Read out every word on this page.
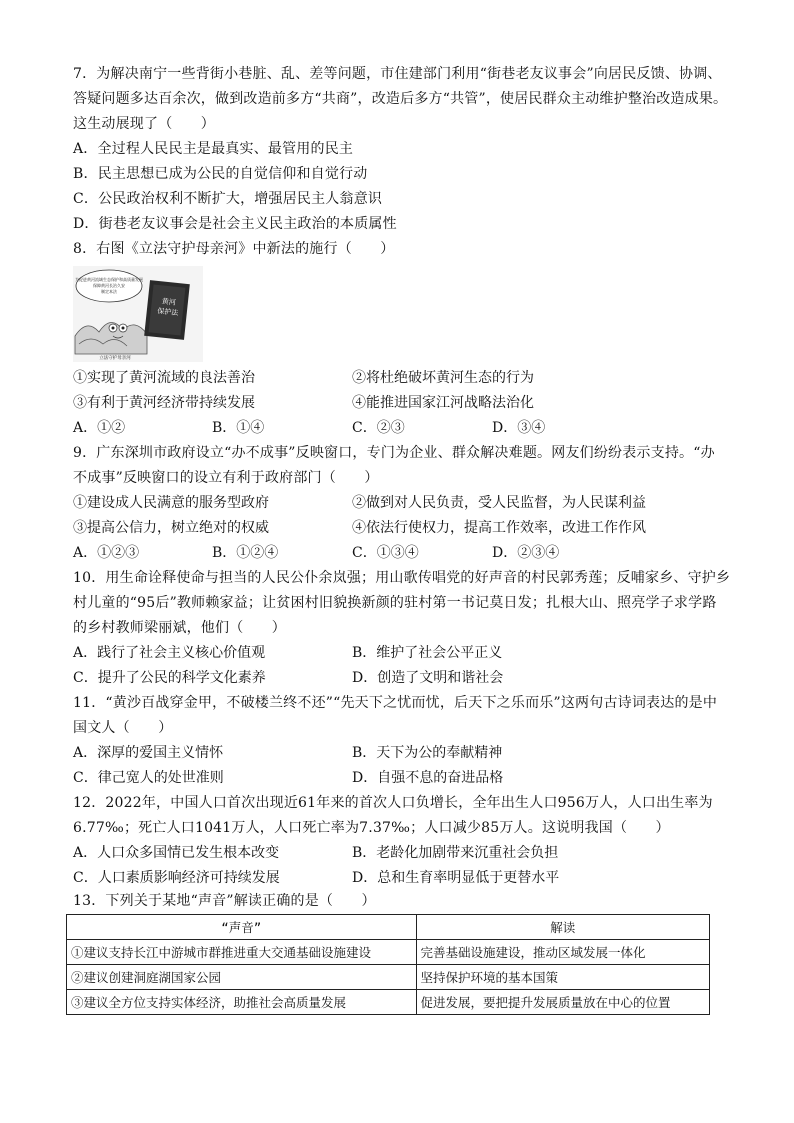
7．为解决南宁一些背街小巷脏、乱、差等问题，市住建部门利用“街巷老友议事会”向居民反馈、协调、
答疑问题多达百余次，做到改造前多方“共商”，改造后多方“共管”，使居民群众主动维护整治改造成果。
这生动展现了（　　）
A．全过程人民民主是最真实、最管用的民主
B．民主思想已成为公民的自觉信仰和自觉行动
C．公民政治权利不断扩大，增强居民主人翁意识
D．街巷老友议事会是社会主义民主政治的本质属性
8．右图《立法守护母亲河》中新法的施行（　　）
为促进黄河流域生态保护和高质量发展
保障黄河长治久安
制定本法
黄河
保护法
立法守护母亲河
①实现了黄河流域的良法善治	②将杜绝破坏黄河生态的行为
③有利于黄河经济带持续发展	④能推进国家江河战略法治化
A．①②	B．①④	C．②③	D．③④
9．广东深圳市政府设立“办不成事”反映窗口，专门为企业、群众解决难题。网友们纷纷表示支持。“办
不成事”反映窗口的设立有利于政府部门（　　）
①建设成人民满意的服务型政府	②做到对人民负责，受人民监督，为人民谋利益
③提高公信力，树立绝对的权威	④依法行使权力，提高工作效率，改进工作作风
A．①②③	B．①②④	C．①③④	D．②③④
10．用生命诠释使命与担当的人民公仆余岚强；用山歌传唱党的好声音的村民郭秀莲；反哺家乡、守护乡
村儿童的“95后”教师赖家益；让贫困村旧貌换新颜的驻村第一书记莫日发；扎根大山、照亮学子求学路
的乡村教师梁丽斌，他们（　　）
A．践行了社会主义核心价值观	B．维护了社会公平正义
C．提升了公民的科学文化素养	D．创造了文明和谐社会
11．“黄沙百战穿金甲，不破楼兰终不还”“先天下之忧而忧，后天下之乐而乐”这两句古诗词表达的是中
国文人（　　）
A．深厚的爱国主义情怀	B．天下为公的奉献精神
C．律己宽人的处世准则	D．自强不息的奋进品格
12．2022年，中国人口首次出现近61年来的首次人口负增长，全年出生人口956万人，人口出生率为
6.77‰；死亡人口1041万人，人口死亡率为7.37‰；人口减少85万人。这说明我国（　　）
A．人口众多国情已发生根本改变	B．老龄化加剧带来沉重社会负担
C．人口素质影响经济可持续发展	D．总和生育率明显低于更替水平
13．下列关于某地“声音”解读正确的是（　　）
“声音”	解读
①建议支持长江中游城市群推进重大交通基础设施建设	完善基础设施建设，推动区域发展一体化
②建议创建洞庭湖国家公园	坚持保护环境的基本国策
③建议全方位支持实体经济，助推社会高质量发展	促进发展，要把提升发展质量放在中心的位置
